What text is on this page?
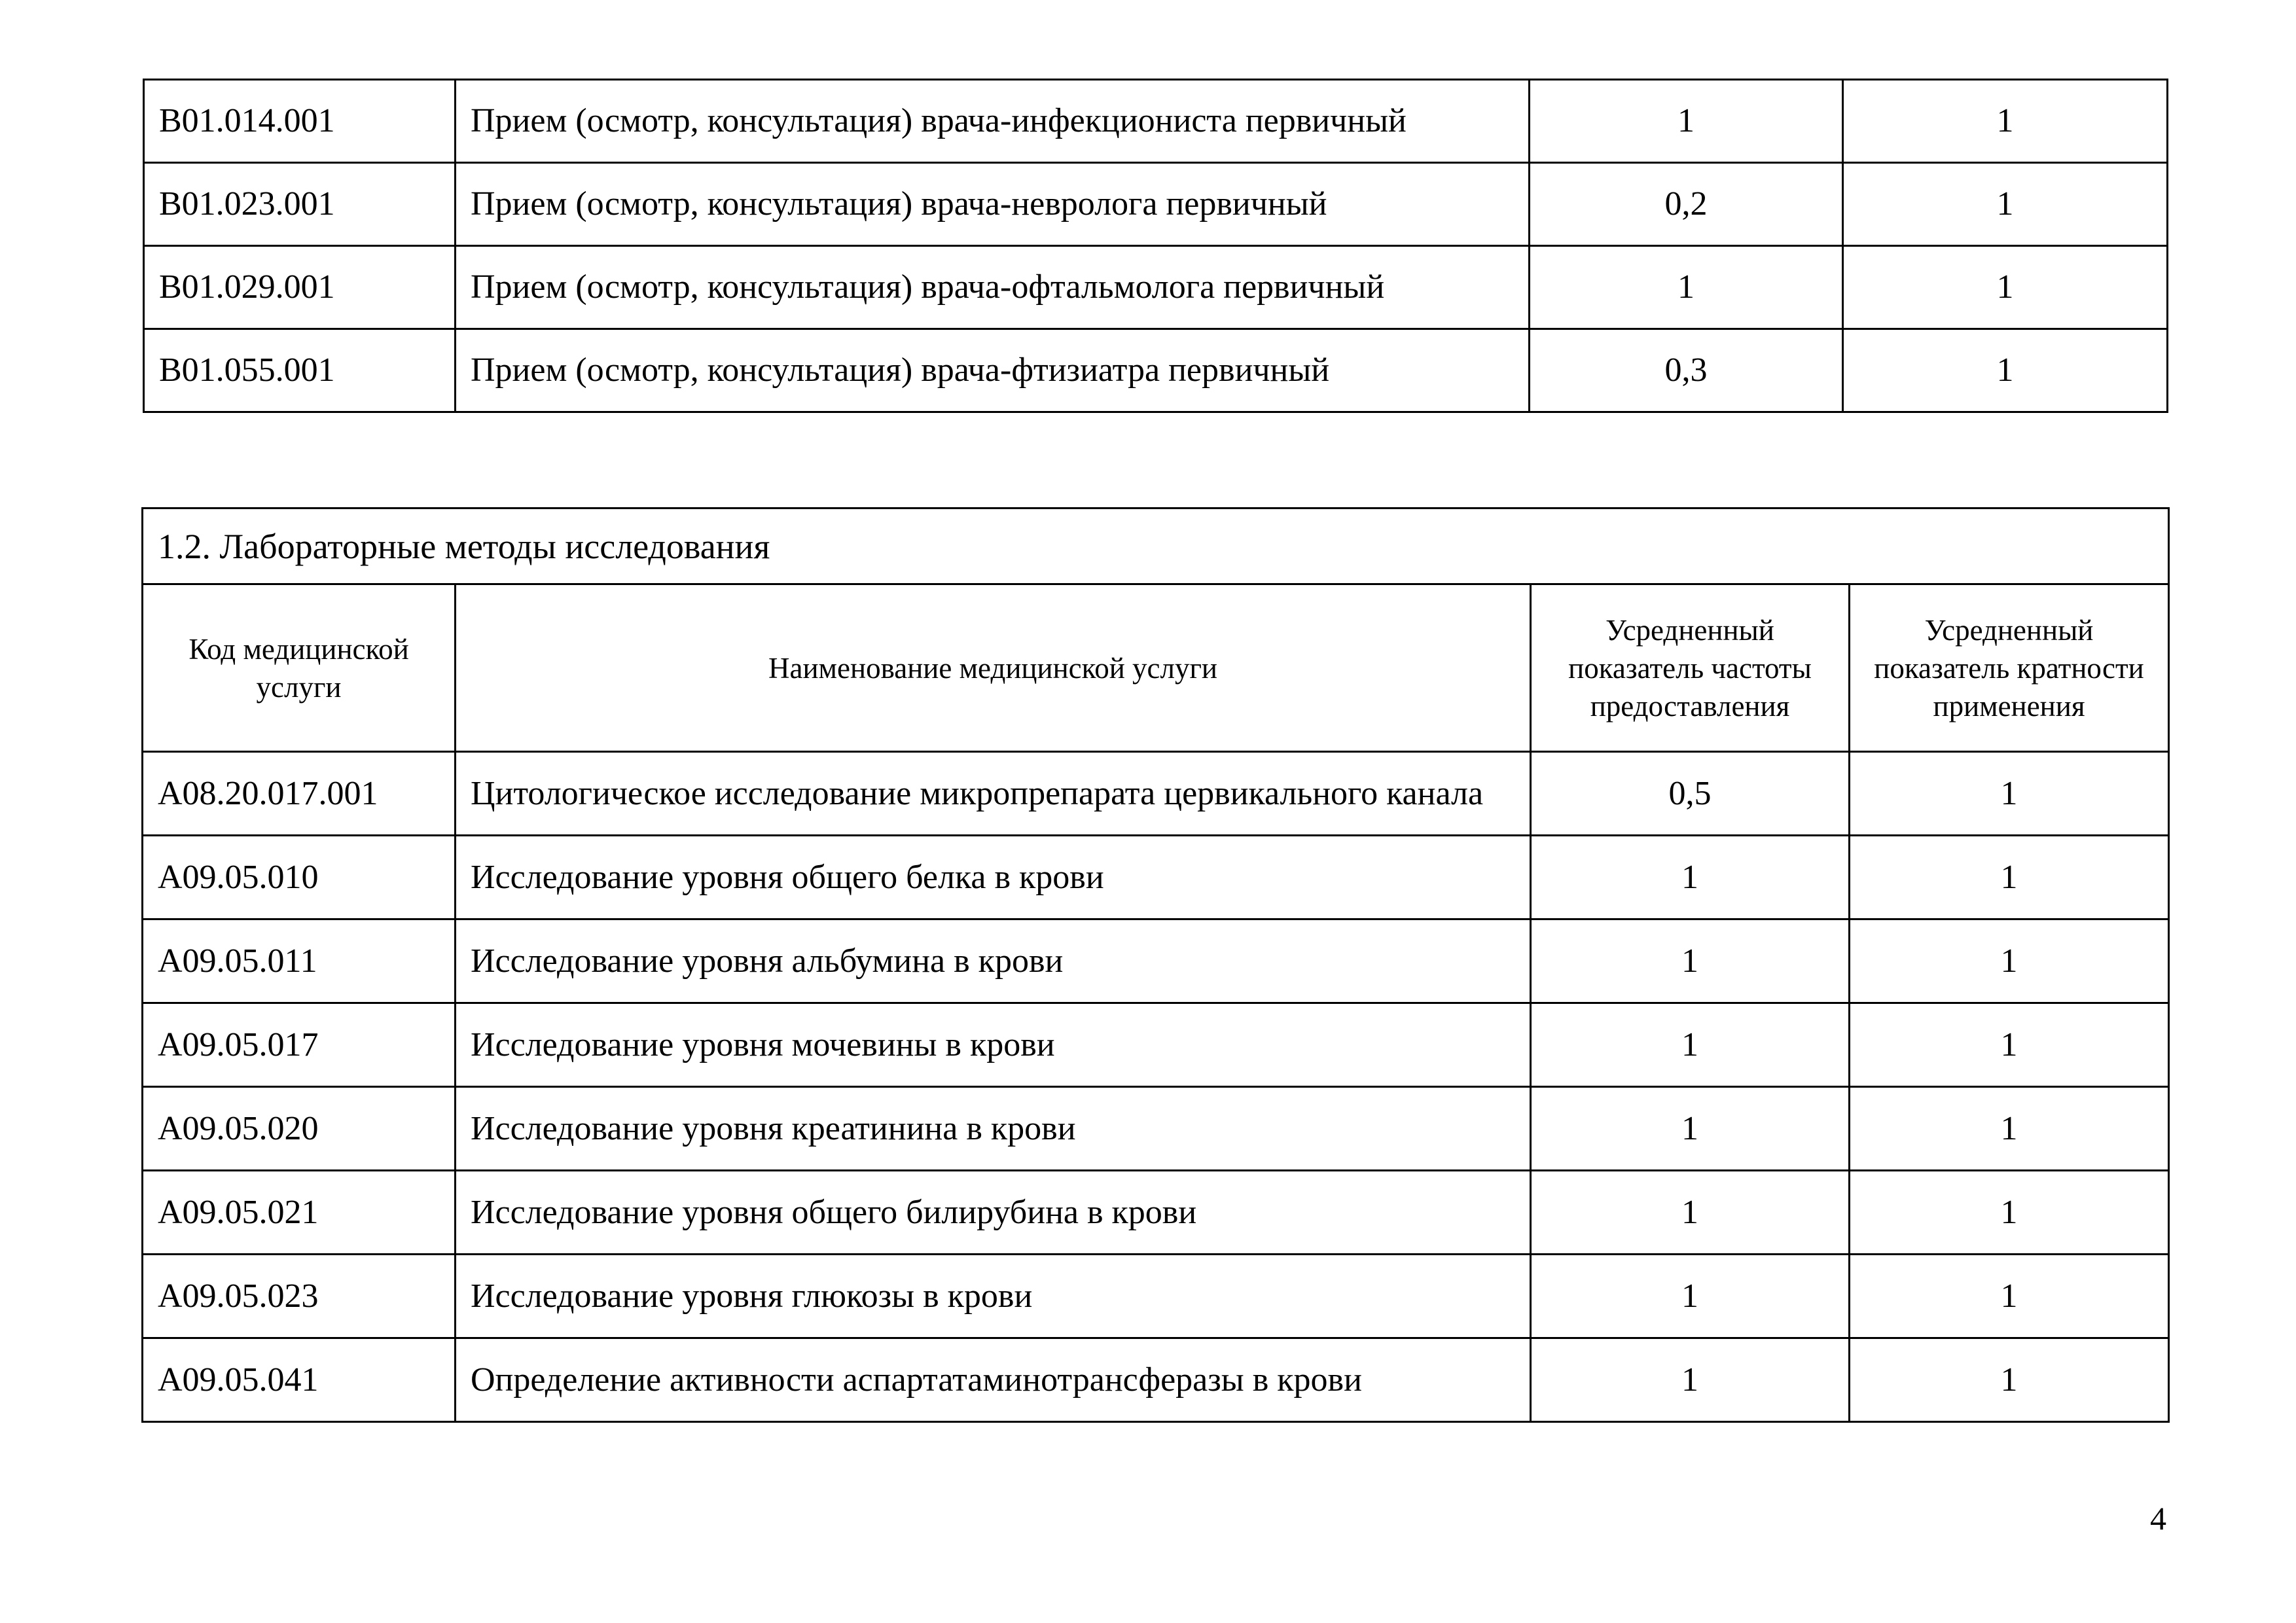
B01.014.001	Прием (осмотр, консультация) врача-инфекциониста первичный	1	1
B01.023.001	Прием (осмотр, консультация) врача-невролога первичный	0,2	1
B01.029.001	Прием (осмотр, консультация) врача-офтальмолога первичный	1	1
B01.055.001	Прием (осмотр, консультация) врача-фтизиатра первичный	0,3	1
1.2. Лабораторные методы исследования			
Код медицинской услуги	Наименование медицинской услуги	Усредненный показатель частоты предоставления	Усредненный показатель кратности применения
A08.20.017.001	Цитологическое исследование микропрепарата цервикального канала	0,5	1
A09.05.010	Исследование уровня общего белка в крови	1	1
A09.05.011	Исследование уровня альбумина в крови	1	1
A09.05.017	Исследование уровня мочевины в крови	1	1
A09.05.020	Исследование уровня креатинина в крови	1	1
A09.05.021	Исследование уровня общего билирубина в крови	1	1
A09.05.023	Исследование уровня глюкозы в крови	1	1
A09.05.041	Определение активности аспартатаминотрансферазы в крови	1	1
4
